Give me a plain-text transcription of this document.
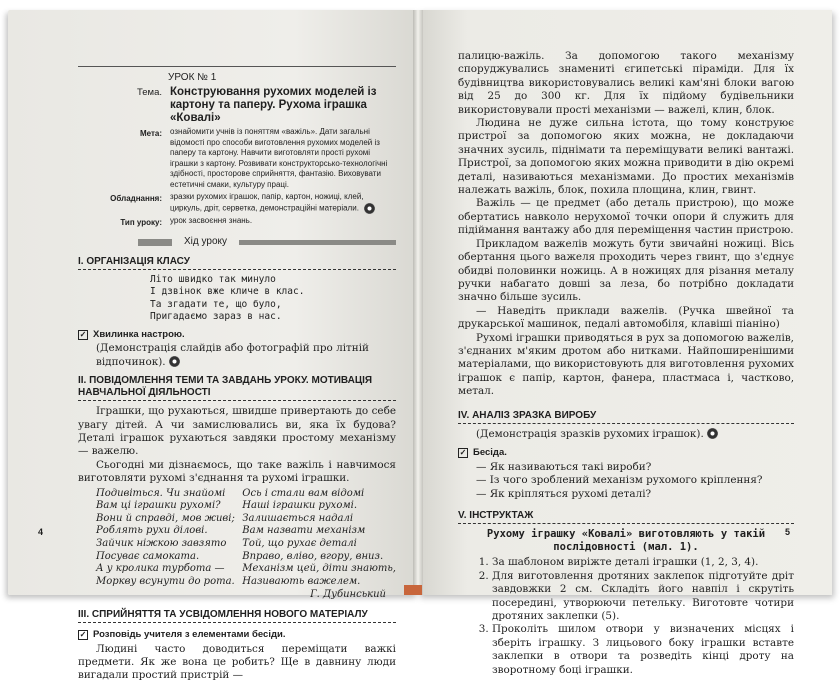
УРОК № 1
Тема. Конструювання рухомих моделей із картону та паперу. Рухома іграшка «Ковалі»
Мета:	ознайомити учнів із поняттям «важіль». Дати загальні відомості про способи виготовлення рухомих моделей із паперу та картону. Навчити виготовляти прості рухомі іграшки з картону. Розвивати конструкторсько-технологічні здібності, просторове сприйняття, фантазію. Виховувати естетичні смаки, культуру праці.
Обладнання:	зразки рухомих іграшок, папір, картон, ножиці, клей, циркуль, дріт, серветка, демонстраційні матеріали.
Тип уроку:	урок засвоєння знань.
Хід уроку
I. ОРГАНІЗАЦІЯ КЛАСУ
Літо швидко так минуло
І дзвінок вже кличе в клас.
Та згадати те, що було,
Пригадаємо зараз в нас.
✓ Хвилинка настрою.
(Демонстрація слайдів або фотографій про літній відпочинок).
II. ПОВІДОМЛЕННЯ ТЕМИ ТА ЗАВДАНЬ УРОКУ. МОТИВАЦІЯ НАВЧАЛЬНОЇ ДІЯЛЬНОСТІ

Іграшки, що рухаються, швидше привертають до себе увагу дітей. А чи замислювались ви, яка їх будова? Деталі іграшок рухаються завдяки простому механізму — важелю.

Сьогодні ми дізнаємось, що таке важіль і навчимося виготовляти рухомі з'єднання та рухомі іграшки.

Подивіться. Чи знайомі
Вам ці іграшки рухомі?
Вони й справді, мов живі;
Роблять рухи ділові.
Зайчик ніжкою завзято
Посуває самоката.
А у кролика турбота —
Моркву всунути до рота.
Ось і стали вам відомі
Наші іграшки рухомі.
Залишається надалі
Вам назвати механізм
Той, що рухає деталі
Вправо, вліво, вгору, вниз.
Механізм цей, діти знають,
Називають важелем.
Г. Дубинський
III. СПРИЙНЯТТЯ ТА УСВІДОМЛЕННЯ НОВОГО МАТЕРІАЛУ
✓ Розповідь учителя з елементами бесіди.

Людині часто доводиться переміщати важкі предмети. Як же вона це робить? Ще в давнину люди вигадали простий пристрій —

4

палицю-важіль. За допомогою такого механізму споруджувались знамениті єгипетські піраміди. Для їх будівництва використовувались великі кам'яні блоки вагою від 25 до 300 кг. Для їх підйому будівельники використовували прості механізми — важелі, клин, блок.

Людина не дуже сильна істота, що тому конструює пристрої за допомогою яких можна, не докладаючи значних зусиль, піднімати та переміщувати великі вантажі. Пристрої, за допомогою яких можна приводити в дію окремі деталі, називаються механізмами. До простих механізмів належать важіль, блок, похила площина, клин, гвинт.

Важіль — це предмет (або деталь пристрою), що може обертатись навколо нерухомої точки опори й служить для підіймання вантажу або для переміщення частин пристрою.

Прикладом важелів можуть бути звичайні ножиці. Вісь обертання цього важеля проходить через гвинт, що з'єднує обидві половинки ножиць. А в ножицях для різання металу ручки набагато довші за леза, бо потрібно докладати значно більше зусиль.

— Наведіть приклади важелів. (Ручка швейної та друкарської машинок, педалі автомобіля, клавіші піаніно)

Рухомі іграшки приводяться в рух за допомогою важелів, з'єднаних м'яким дротом або нитками. Найпоширенішими матеріалами, що використовують для виготовлення рухомих іграшок є папір, картон, фанера, пластмаса і, частково, метал.

IV. АНАЛІЗ ЗРАЗКА ВИРОБУ
(Демонстрація зразків рухомих іграшок).
✓ Бесіда.
— Як називаються такі вироби?
— Із чого зроблений механізм рухомого кріплення?
— Як кріпляться рухомі деталі?
V. ІНСТРУКТАЖ
Рухому іграшку «Ковалі» виготовляють у такій послідовності (мал. 1).
1. За шаблоном виріжте деталі іграшки (1, 2, 3, 4).
2. Для виготовлення дротяних заклепок підготуйте дріт завдовжки 2 см. Складіть його навпіл і скрутіть посередині, утворюючи петельку. Виготовте чотири дротяних заклепки (5).
3. Проколіть шилом отвори у визначених місцях і зберіть іграшку. З лицьового боку іграшки вставте заклепки в отвори та розведіть кінці дроту на зворотному боці іграшки.
5
